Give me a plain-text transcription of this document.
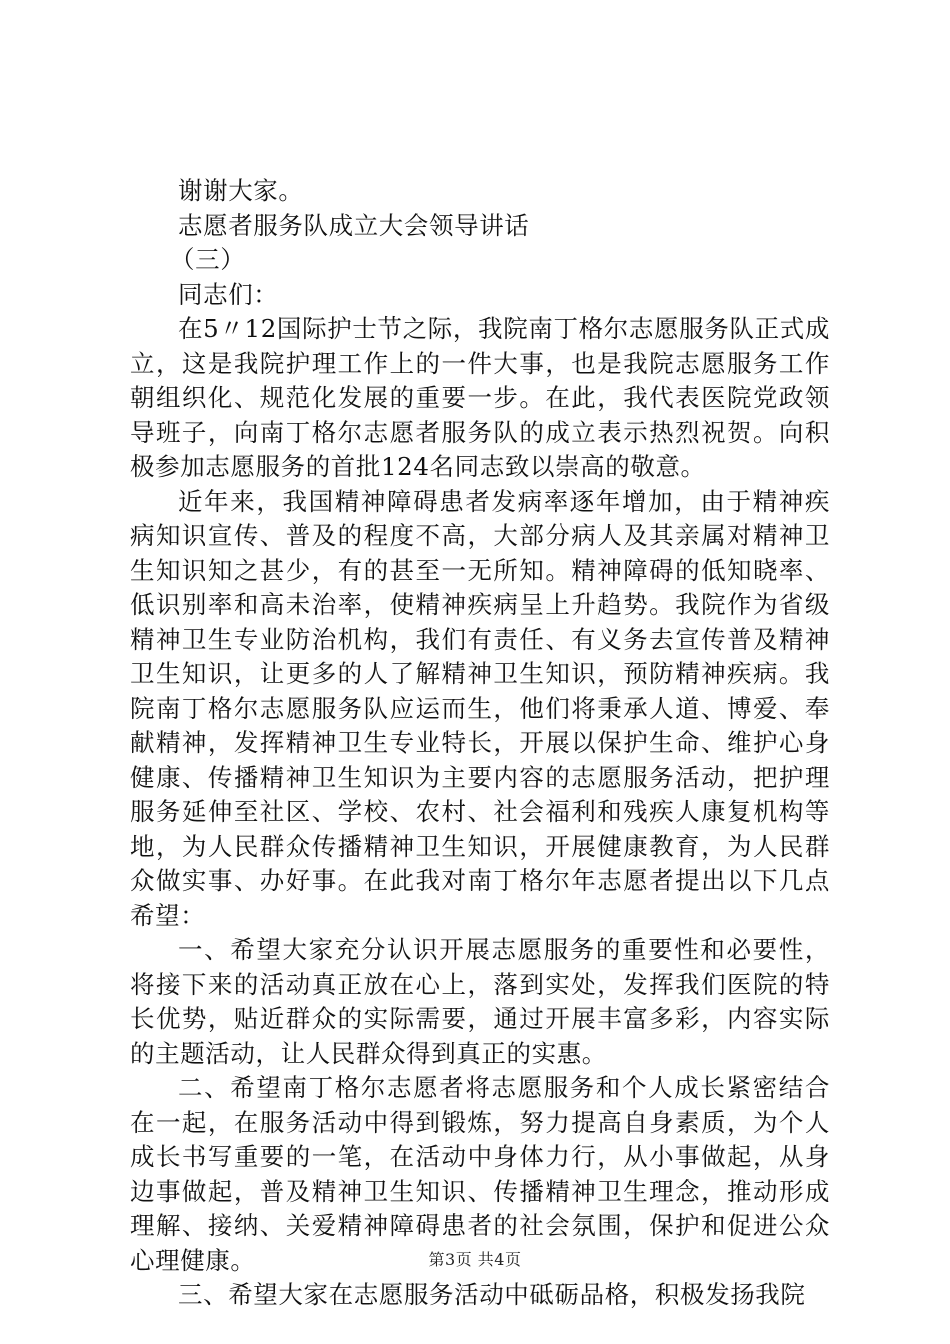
谢谢大家。

志愿者服务队成立大会领导讲话

（三）

同志们：

在5〃12国际护士节之际，我院南丁格尔志愿服务队正式成立，这是我院护理工作上的一件大事，也是我院志愿服务工作朝组织化、规范化发展的重要一步。在此，我代表医院党政领导班子，向南丁格尔志愿者服务队的成立表示热烈祝贺。向积极参加志愿服务的首批124名同志致以崇高的敬意。

近年来，我国精神障碍患者发病率逐年增加，由于精神疾病知识宣传、普及的程度不高，大部分病人及其亲属对精神卫生知识知之甚少，有的甚至一无所知。精神障碍的低知晓率、低识别率和高未治率，使精神疾病呈上升趋势。我院作为省级精神卫生专业防治机构，我们有责任、有义务去宣传普及精神卫生知识，让更多的人了解精神卫生知识，预防精神疾病。我院南丁格尔志愿服务队应运而生，他们将秉承人道、博爱、奉献精神，发挥精神卫生专业特长，开展以保护生命、维护心身健康、传播精神卫生知识为主要内容的志愿服务活动，把护理服务延伸至社区、学校、农村、社会福利和残疾人康复机构等地，为人民群众传播精神卫生知识，开展健康教育，为人民群众做实事、办好事。在此我对南丁格尔年志愿者提出以下几点希望：

一、希望大家充分认识开展志愿服务的重要性和必要性，将接下来的活动真正放在心上，落到实处，发挥我们医院的特长优势，贴近群众的实际需要，通过开展丰富多彩，内容实际的主题活动，让人民群众得到真正的实惠。

二、希望南丁格尔志愿者将志愿服务和个人成长紧密结合在一起，在服务活动中得到锻炼，努力提高自身素质，为个人成长书写重要的一笔，在活动中身体力行，从小事做起，从身边事做起，普及精神卫生知识、传播精神卫生理念，推动形成理解、接纳、关爱精神障碍患者的社会氛围，保护和促进公众心理健康。

三、希望大家在志愿服务活动中砥砺品格，积极发扬我院

第3页 共4页
